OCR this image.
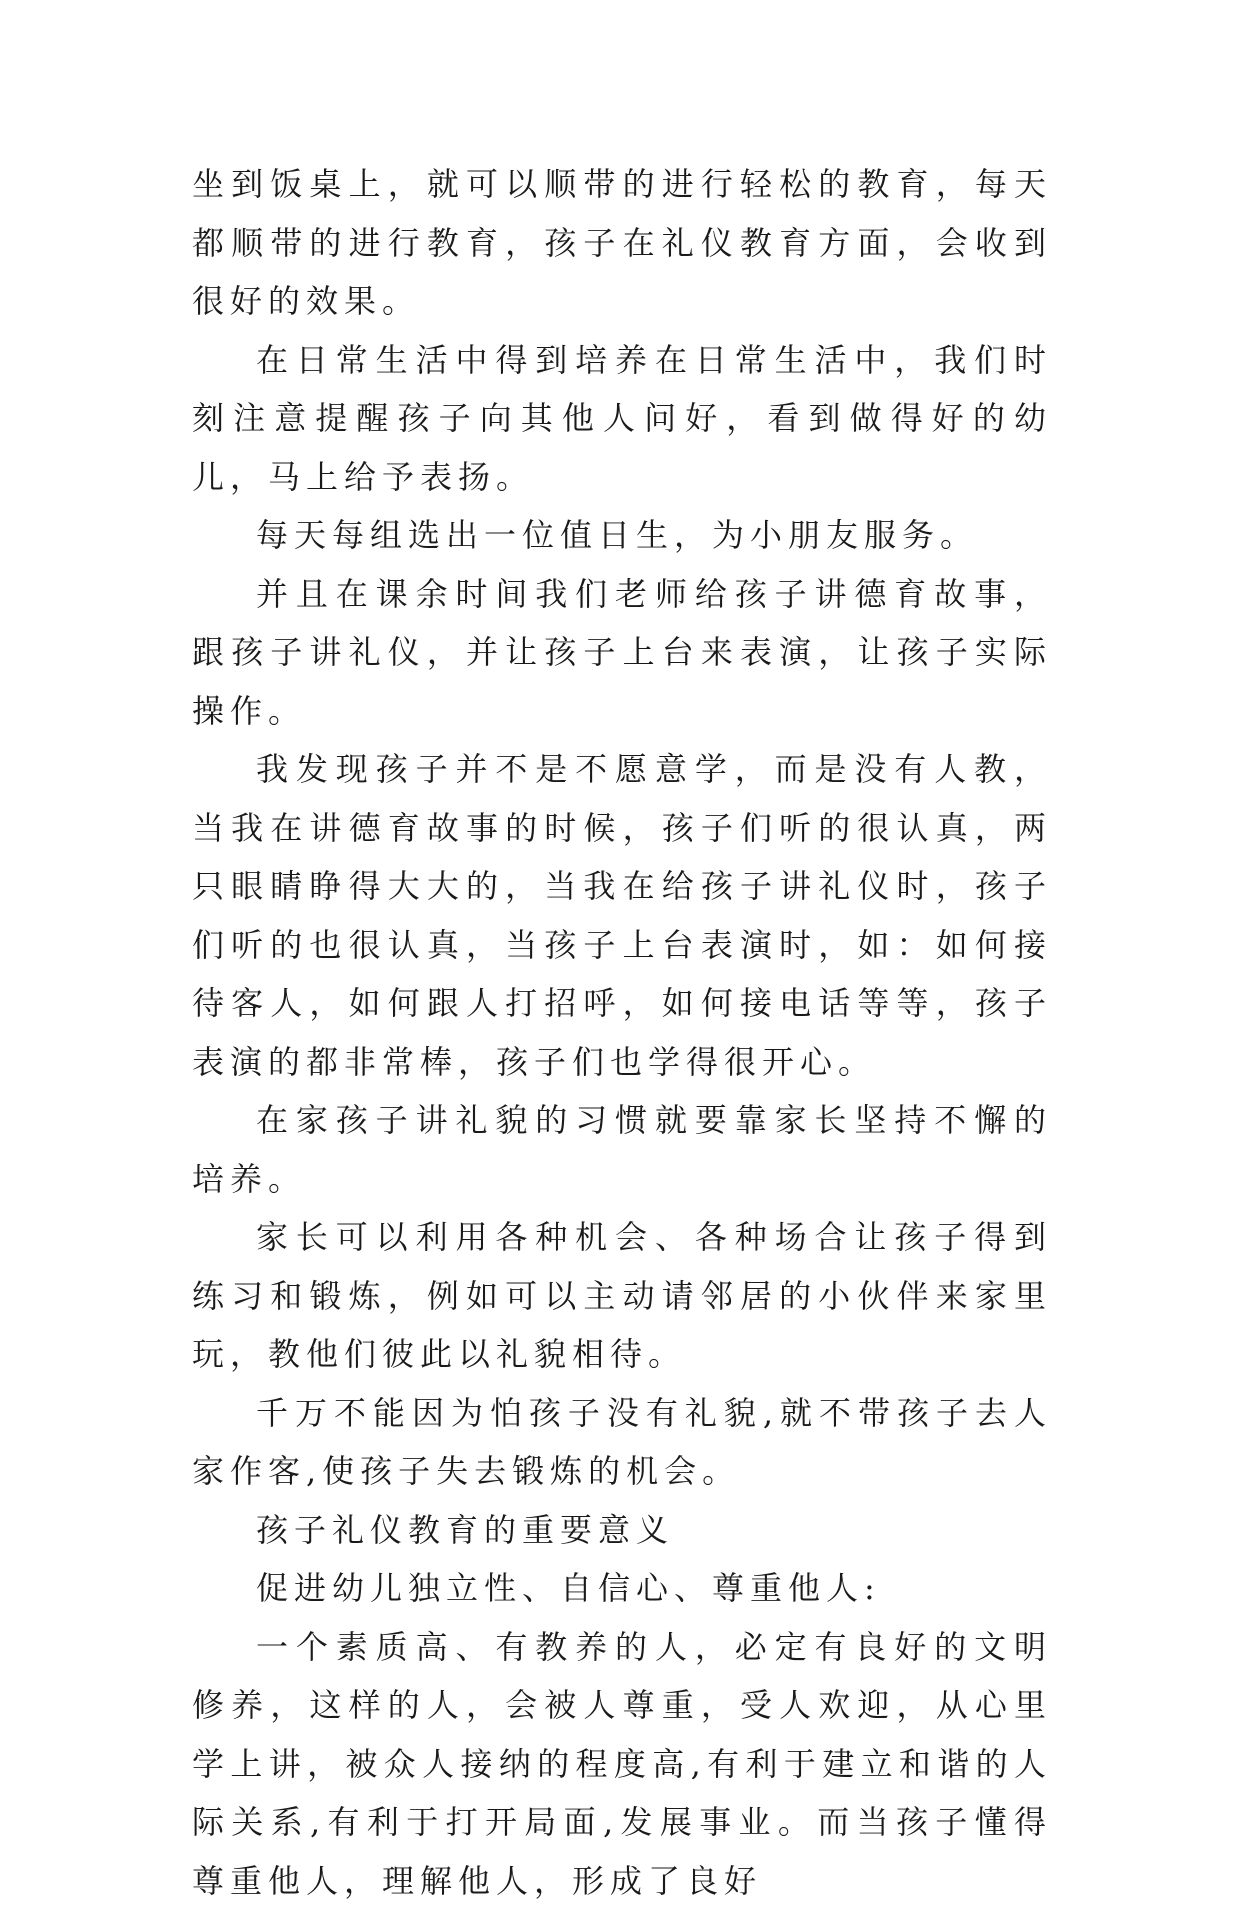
坐到饭桌上，就可以顺带的进行轻松的教育，每天都顺带的进行教育，孩子在礼仪教育方面，会收到很好的效果。

在日常生活中得到培养在日常生活中，我们时刻注意提醒孩子向其他人问好，看到做得好的幼儿，马上给予表扬。

每天每组选出一位值日生，为小朋友服务。

并且在课余时间我们老师给孩子讲德育故事，跟孩子讲礼仪，并让孩子上台来表演，让孩子实际操作。

我发现孩子并不是不愿意学，而是没有人教，当我在讲德育故事的时候，孩子们听的很认真，两只眼睛睁得大大的，当我在给孩子讲礼仪时，孩子们听的也很认真，当孩子上台表演时，如：如何接待客人，如何跟人打招呼，如何接电话等等，孩子表演的都非常棒，孩子们也学得很开心。

在家孩子讲礼貌的习惯就要靠家长坚持不懈的培养。

家长可以利用各种机会、各种场合让孩子得到练习和锻炼，例如可以主动请邻居的小伙伴来家里玩，教他们彼此以礼貌相待。

千万不能因为怕孩子没有礼貌,就不带孩子去人家作客,使孩子失去锻炼的机会。

孩子礼仪教育的重要意义

促进幼儿独立性、自信心、尊重他人:

一个素质高、有教养的人，必定有良好的文明修养，这样的人，会被人尊重，受人欢迎，从心里学上讲，被众人接纳的程度高,有利于建立和谐的人际关系,有利于打开局面,发展事业。而当孩子懂得尊重他人，理解他人，形成了良好
